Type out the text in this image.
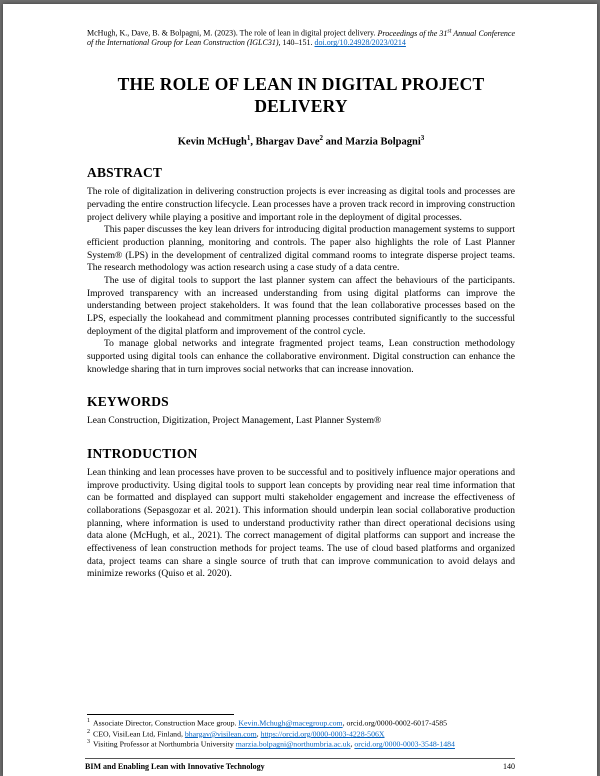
McHugh, K., Dave, B. & Bolpagni, M. (2023). The role of lean in digital project delivery. Proceedings of the 31st Annual Conference of the International Group for Lean Construction (IGLC31), 140–151. doi.org/10.24928/2023/0214

THE ROLE OF LEAN IN DIGITAL PROJECT DELIVERY

Kevin McHugh$^1$, Bhargav Dave$^2$ and Marzia Bolpagni$^3$

ABSTRACT

The role of digitalization in delivering construction projects is ever increasing as digital tools and processes are pervading the entire construction lifecycle. Lean processes have a proven track record in improving construction project delivery while playing a positive and important role in the deployment of digital processes.

This paper discusses the key lean drivers for introducing digital production management systems to support efficient production planning, monitoring and controls. The paper also highlights the role of Last Planner System® (LPS) in the development of centralized digital command rooms to integrate disperse project teams. The research methodology was action research using a case study of a data centre.

The use of digital tools to support the last planner system can affect the behaviours of the participants. Improved transparency with an increased understanding from using digital platforms can improve the understanding between project stakeholders. It was found that the lean collaborative processes based on the LPS, especially the lookahead and commitment planning processes contributed significantly to the successful deployment of the digital platform and improvement of the control cycle.

To manage global networks and integrate fragmented project teams, Lean construction methodology supported using digital tools can enhance the collaborative environment. Digital construction can enhance the knowledge sharing that in turn improves social networks that can increase innovation.

KEYWORDS

Lean Construction, Digitization, Project Management, Last Planner System®

INTRODUCTION

Lean thinking and lean processes have proven to be successful and to positively influence major operations and improve productivity. Using digital tools to support lean concepts by providing near real time information that can be formatted and displayed can support multi stakeholder engagement and increase the effectiveness of collaborations (Sepasgozar et al. 2021). This information should underpin lean social collaborative production planning, where information is used to understand productivity rather than direct operational decisions using data alone (McHugh, et al., 2021). The correct management of digital platforms can support and increase the effectiveness of lean construction methods for project teams. The use of cloud based platforms and organized data, project teams can share a single source of truth that can improve communication to avoid delays and minimize reworks (Quiso et al. 2020).

$^1$ Associate Director, Construction Mace group. Kevin.Mchugh@macegroup.com, orcid.org/0000-0002-6017-4585
$^2$ CEO, VisiLean Ltd, Finland, bhargav@visilean.com, https://orcid.org/0000-0003-4228-506X
$^3$ Visiting Professor at Northumbria University marzia.bolpagni@northumbria.ac.uk, orcid.org/0000-0003-3548-1484
BIM and Enabling Lean with Innovative Technology	140
